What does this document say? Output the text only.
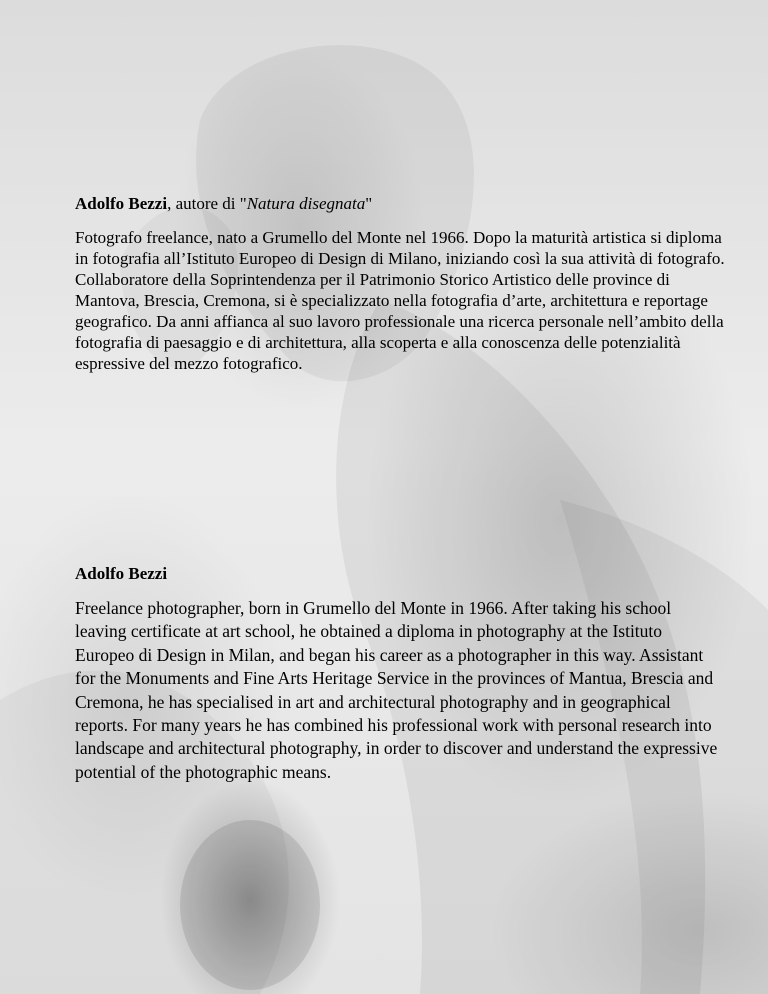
Adolfo Bezzi, autore di "Natura disegnata"

Fotografo freelance, nato a Grumello del Monte nel 1966. Dopo la maturità artistica si diploma in fotografia all’Istituto Europeo di Design di Milano, iniziando così la sua attività di fotografo. Collaboratore della Soprintendenza per il Patrimonio Storico Artistico delle province di Mantova, Brescia, Cremona, si è specializzato nella fotografia d’arte, architettura e reportage geografico. Da anni affianca al suo lavoro professionale una ricerca personale nell’ambito della fotografia di paesaggio e di architettura, alla scoperta e alla conoscenza delle potenzialità espressive del mezzo fotografico.

Adolfo Bezzi

Freelance photographer, born in Grumello del Monte in 1966. After taking his school leaving certificate at art school, he obtained a diploma in photography at the Istituto Europeo di Design in Milan, and began his career as a photographer in this way. Assistant for the Monuments and Fine Arts Heritage Service in the provinces of Mantua, Brescia and Cremona, he has specialised in art and architectural photography and in geographical reports. For many years he has combined his professional work with personal research into landscape and architectural photography, in order to discover and understand the expressive potential of the photographic means.
